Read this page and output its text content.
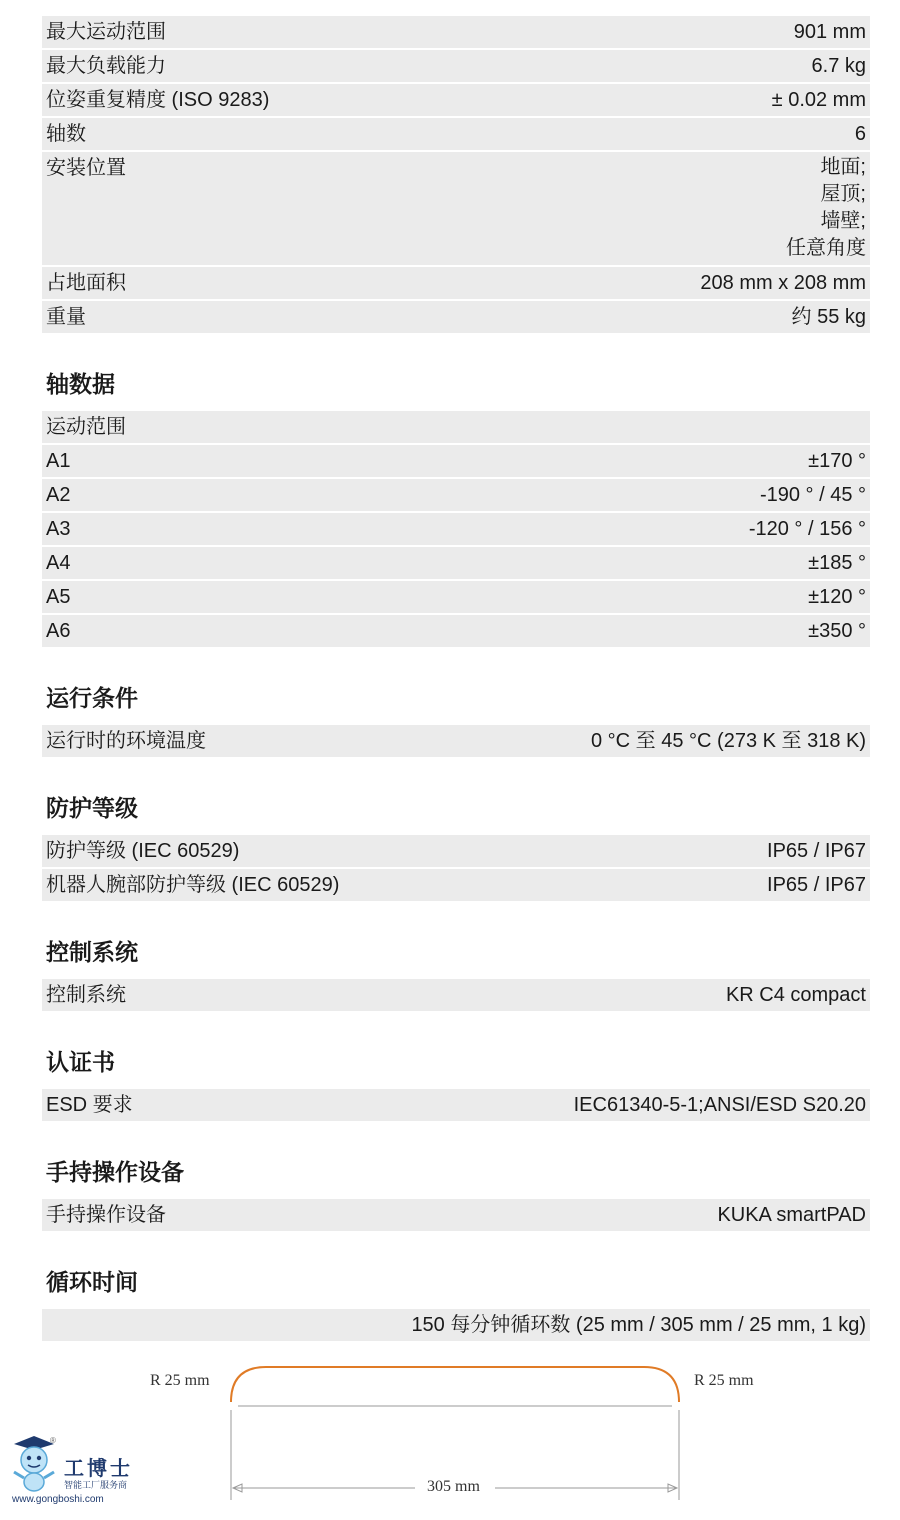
最大运动范围	901 mm
最大负载能力	6.7 kg
位姿重复精度 (ISO 9283)	± 0.02 mm
轴数	6
安装位置	地面;
屋顶;
墙壁;
任意角度
占地面积	208 mm x 208 mm
重量	约 55 kg
轴数据
运动范围
A1	±170 °
A2	-190 ° / 45 °
A3	-120 ° / 156 °
A4	±185 °
A5	±120 °
A6	±350 °
运行条件
运行时的环境温度	0 °C 至 45 °C (273 K 至 318 K)
防护等级
防护等级 (IEC 60529)	IP65 / IP67
机器人腕部防护等级 (IEC 60529)	IP65 / IP67
控制系统
控制系统	KR C4 compact
认证书
ESD 要求	IEC61340-5-1;ANSI/ESD S20.20
手持操作设备
手持操作设备	KUKA smartPAD
循环时间
150 每分钟循环数 (25 mm / 305 mm / 25 mm, 1 kg)
R 25 mm	R 25 mm
305 mm
®
工博士
智能工厂服务商
www.gongboshi.com
